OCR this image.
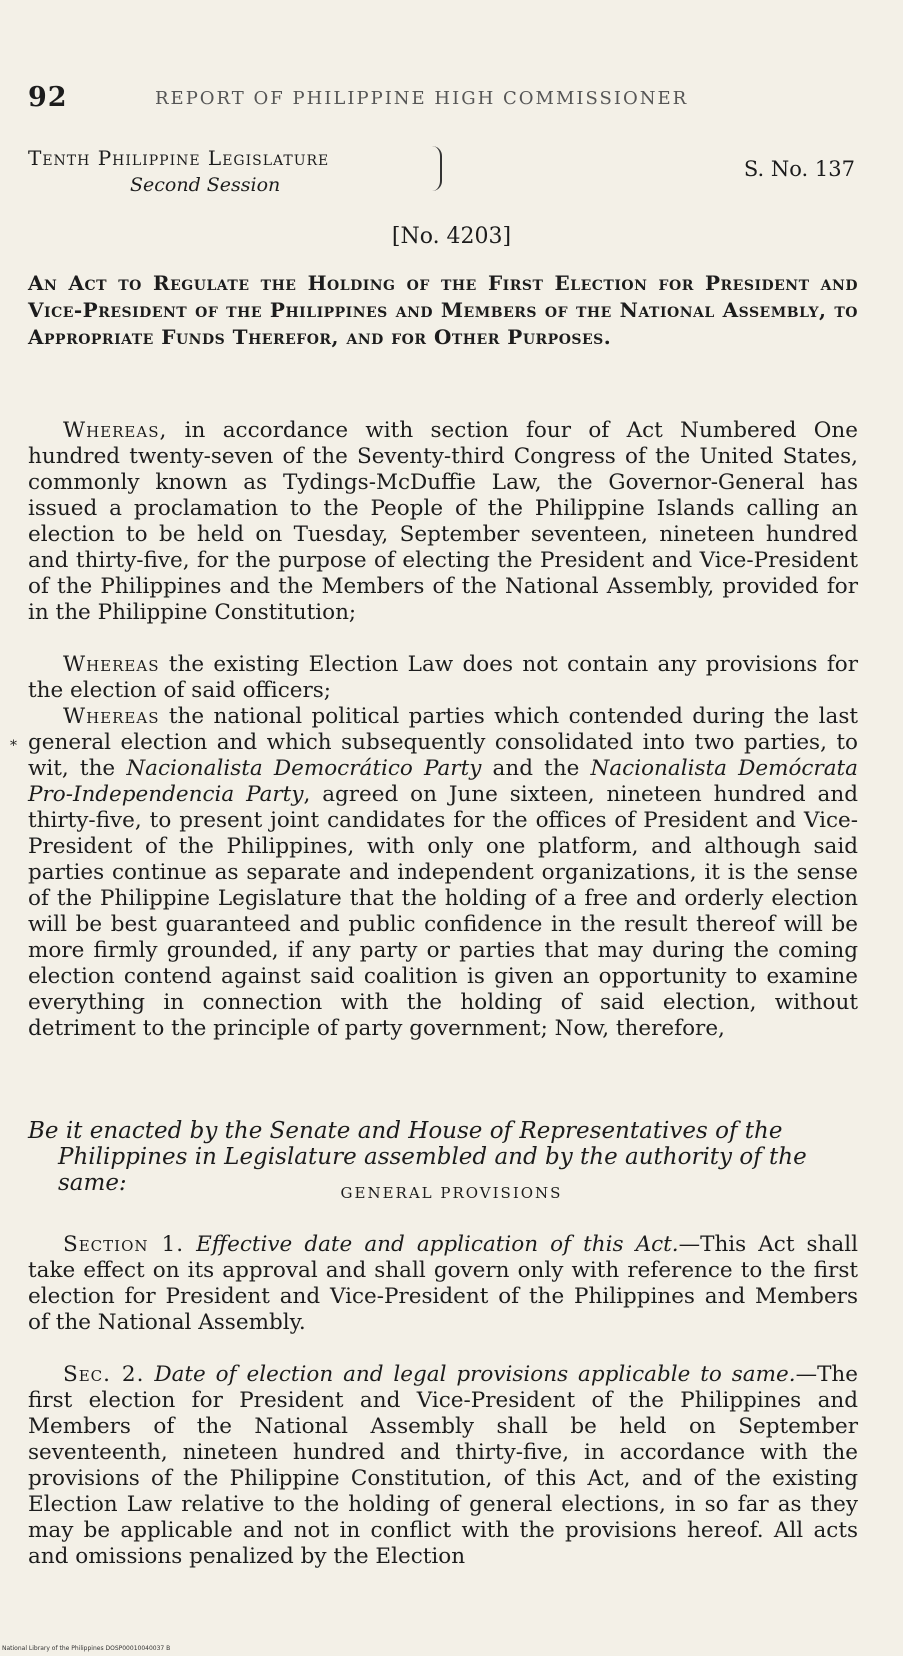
92	REPORT OF PHILIPPINE HIGH COMMISSIONER
Tenth Philippine Legislature
Second Session
S. No. 137
[No. 4203]
An Act to Regulate the Holding of the First Election for President and Vice-President of the Philippines and Members of the National Assembly, to Appropriate Funds Therefor, and for Other Purposes.

Whereas, in accordance with section four of Act Numbered One hundred twenty-seven of the Seventy-third Congress of the United States, commonly known as Tydings-McDuffie Law, the Governor-General has issued a proclamation to the People of the Philippine Islands calling an election to be held on Tuesday, September seventeen, nineteen hundred and thirty-five, for the purpose of electing the President and Vice-President of the Philippines and the Members of the National Assembly, provided for in the Philippine Constitution;

Whereas the existing Election Law does not contain any provisions for the election of said officers;

*

Whereas the national political parties which contended during the last general election and which subsequently consolidated into two parties, to wit, the Nacionalista Democrático Party and the Nacionalista Demócrata Pro-Independencia Party, agreed on June sixteen, nineteen hundred and thirty-five, to present joint candidates for the offices of President and Vice-President of the Philippines, with only one platform, and although said parties continue as separate and independent organizations, it is the sense of the Philippine Legislature that the holding of a free and orderly election will be best guaranteed and public confidence in the result thereof will be more firmly grounded, if any party or parties that may during the coming election contend against said coalition is given an opportunity to examine everything in connection with the holding of said election, without detriment to the principle of party government; Now, therefore,

Be it enacted by the Senate and House of Representatives of the Philippines in Legislature assembled and by the authority of the same:	GENERAL PROVISIONS

Section 1. Effective date and application of this Act.—This Act shall take effect on its approval and shall govern only with reference to the first election for President and Vice-President of the Philippines and Members of the National Assembly.

Sec. 2. Date of election and legal provisions applicable to same.—The first election for President and Vice-President of the Philippines and Members of the National Assembly shall be held on September seventeenth, nineteen hundred and thirty-five, in accordance with the provisions of the Philippine Constitution, of this Act, and of the existing Election Law relative to the holding of general elections, in so far as they may be applicable and not in conflict with the provisions hereof. All acts and omissions penalized by the Election

National Library of the Philippines DOSP00010040037 B
